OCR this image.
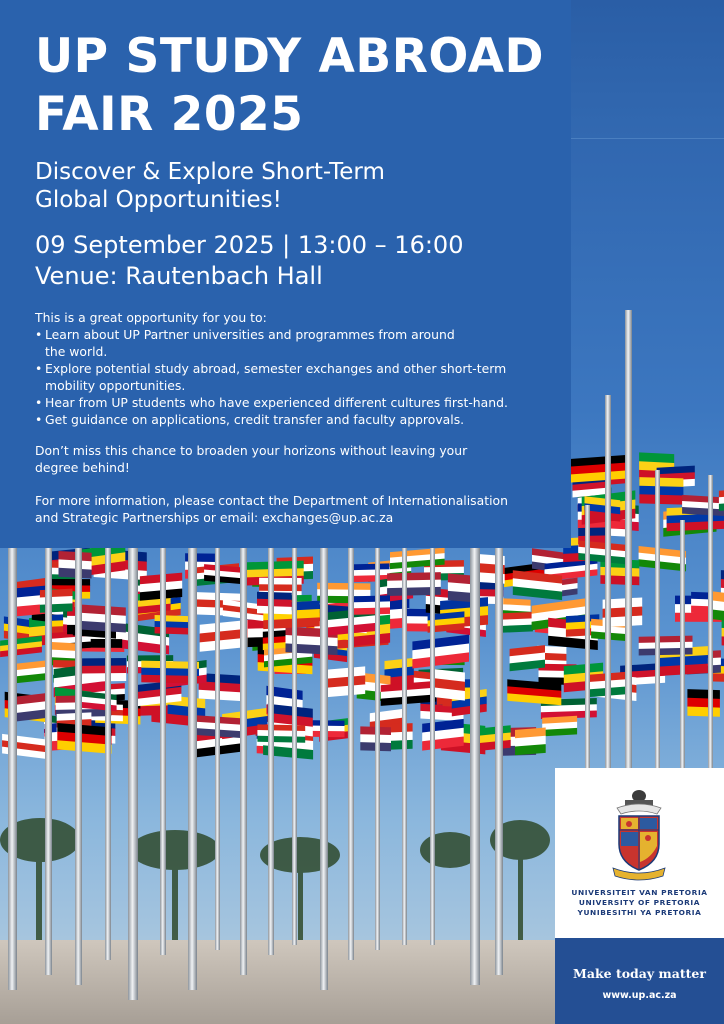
UP STUDY ABROAD
FAIR 2025
Discover & Explore Short-Term
Global Opportunities!

09 September 2025 | 13:00 – 16:00

Venue: Rautenbach Hall

This is a great opportunity for you to:

• Learn about UP Partner universities and programmes from around
the world.
• Explore potential study abroad, semester exchanges and other short-term
mobility opportunities.
• Hear from UP students who have experienced different cultures first-hand.
• Get guidance on applications, credit transfer and faculty approvals.

Don’t miss this chance to broaden your horizons without leaving your
degree behind!

For more information, please contact the Department of Internationalisation
and Strategic Partnerships or email: exchanges@up.ac.za

UNIVERSITEIT VAN PRETORIA
UNIVERSITY OF PRETORIA
YUNIBESITHI YA PRETORIA

Make today matter

www.up.ac.za
